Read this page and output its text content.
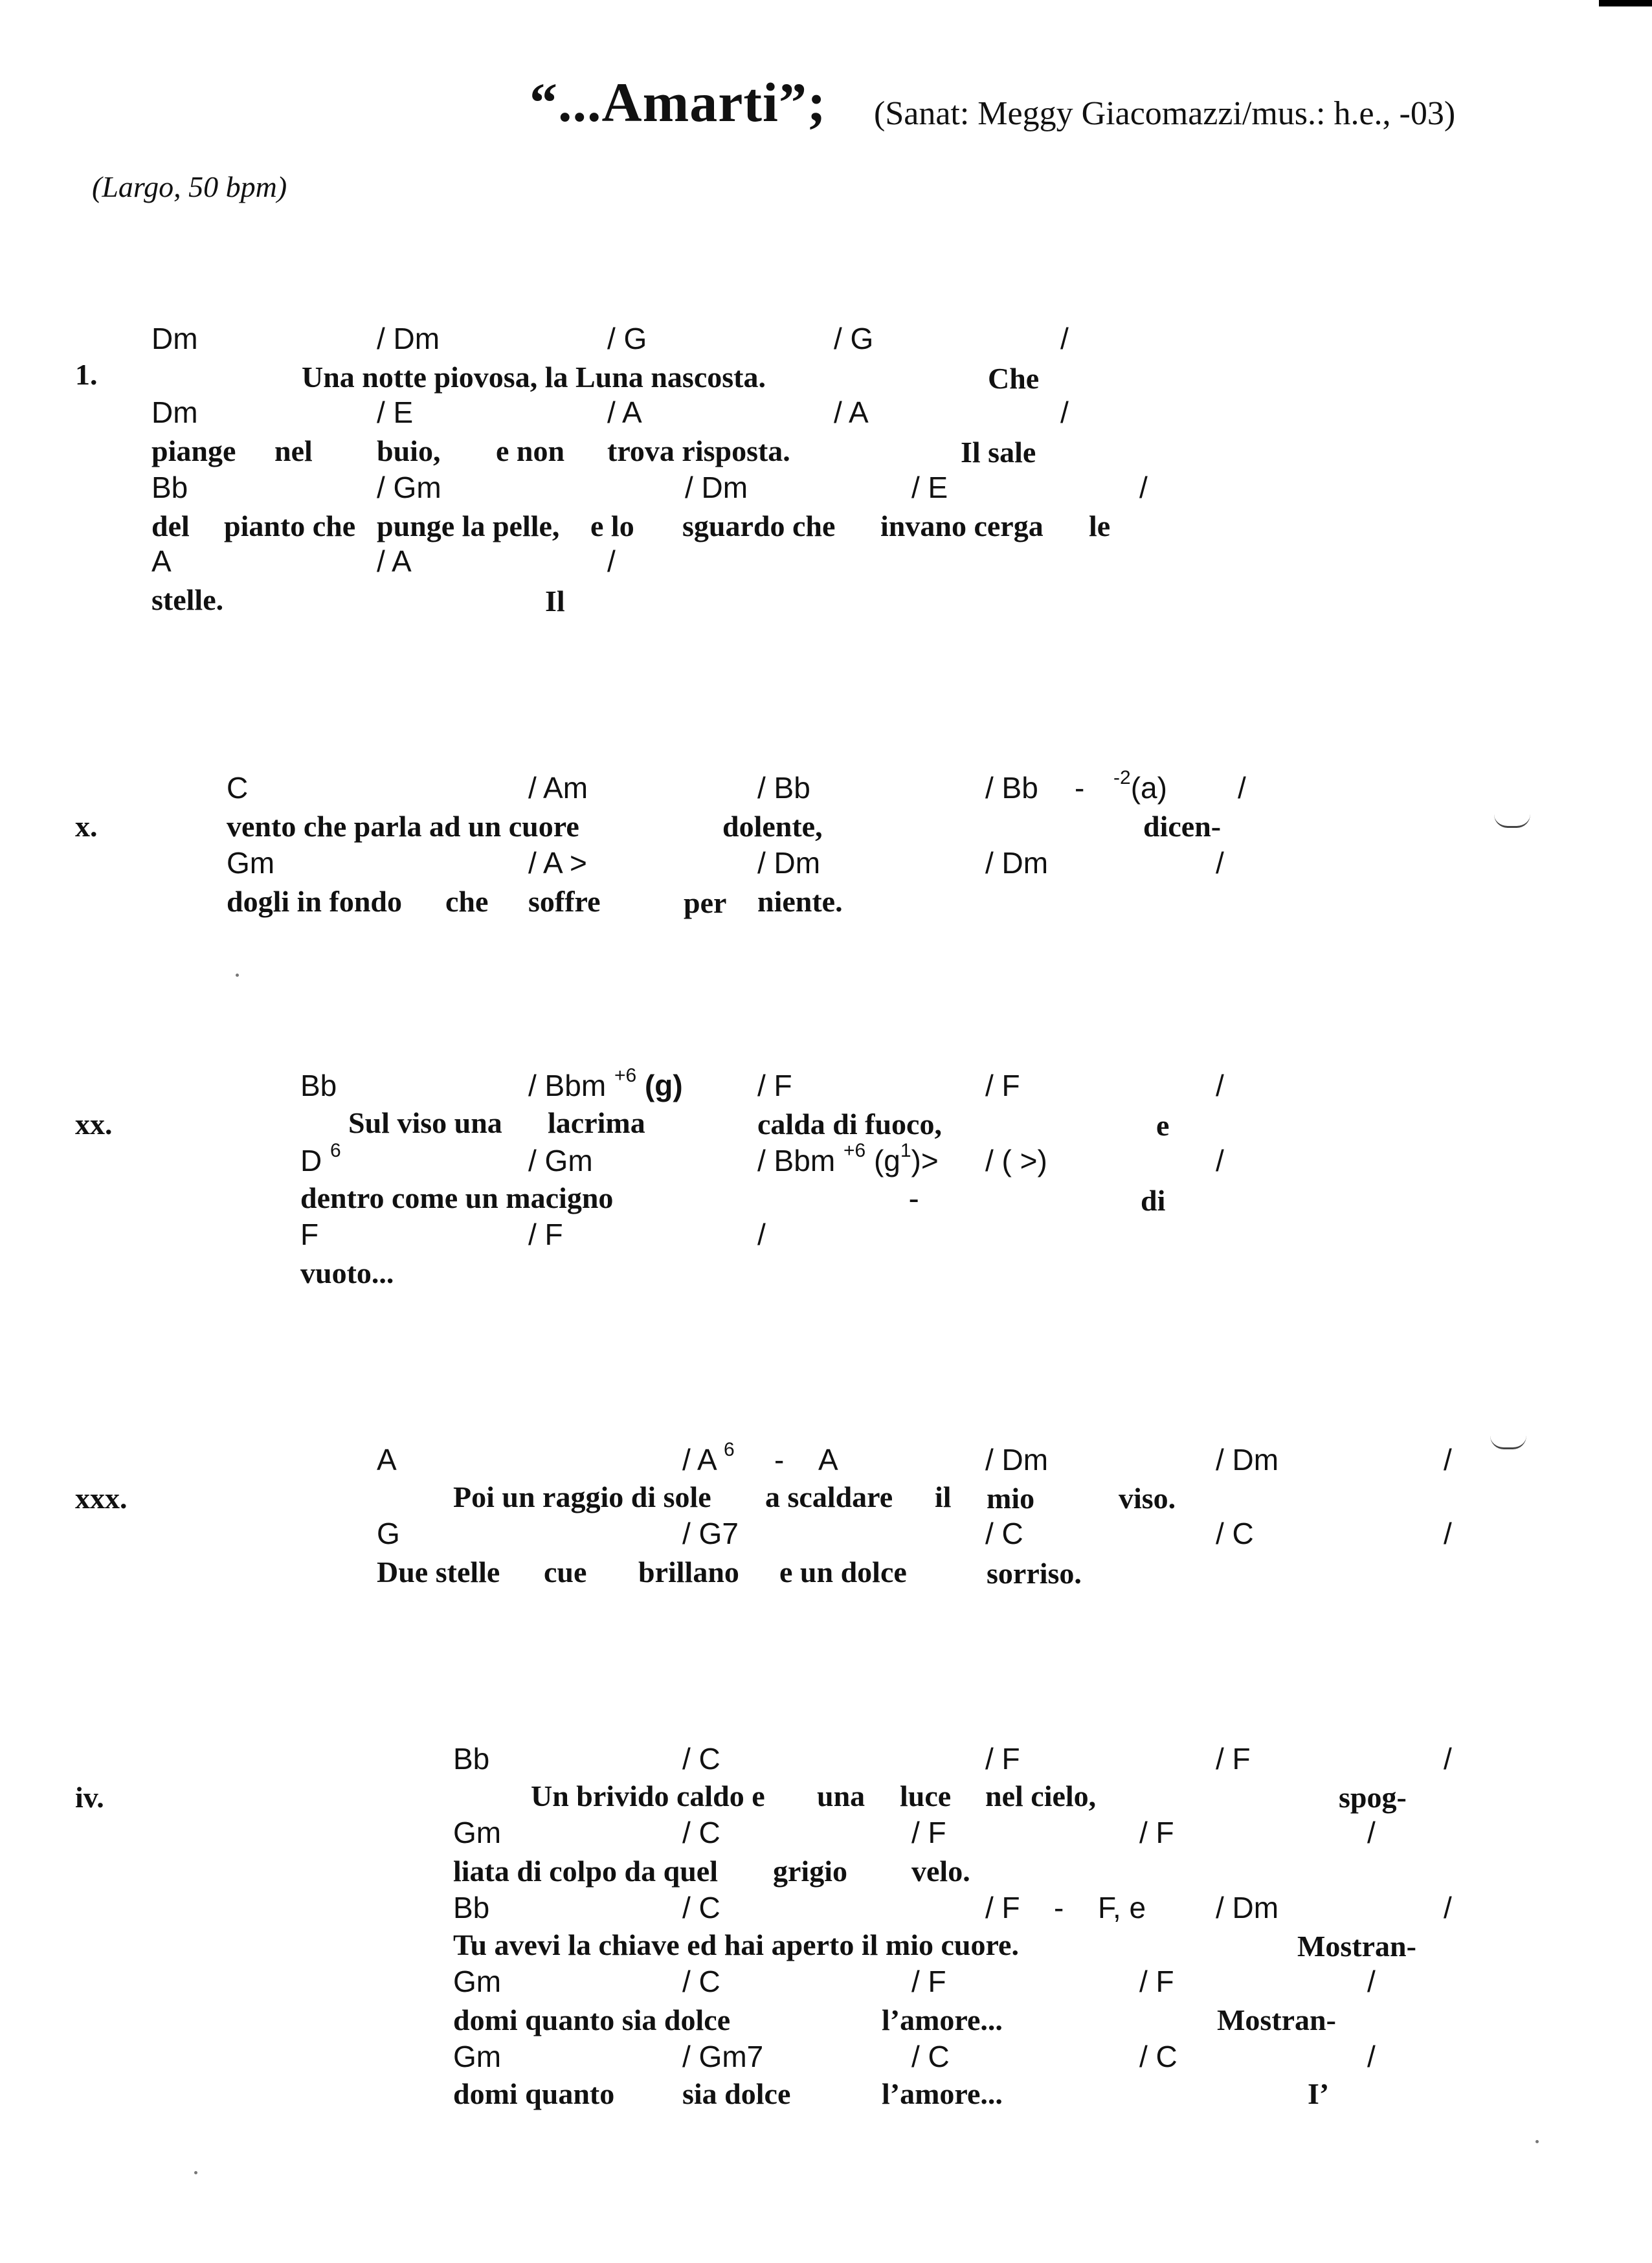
“...Amarti”; (Sanat: Meggy Giacomazzi/mus.: h.e., -03)
(Largo, 50 bpm)
1.
Dm	/ Dm	/ G	/ G	/
Una notte piovosa, la Luna nascosta.	Che
Dm	/ E	/ A	/ A	/
piange nel buio, e non trova risposta.	Il sale
Bb	/ Gm	/ Dm	/ E	/
del pianto che punge la pelle, e lo sguardo che invano cerga le
A	/ A	/
stelle.	Il
x.
C	/ Am	/ Bb	/ Bb - $^{-2}$(a) /
vento che parla ad un cuore	dolente,	dicen-
Gm	/ A >	/ Dm	/ Dm	/
dogli in fondo che soffre	per niente.
xx.
Bb	/ Bbm $^{+6}$ (g)	/ F	/ F	/
Sul viso una lacrima	calda di fuoco,	e
D $^6$	/ Gm	/ Bbm $^{+6}$ $(g^1)>$ / ( >)	/
dentro come un macigno	-	di
F	/ F	/
vuoto...
xxx.
A	/ A $^6$ - A	/ Dm	/ Dm	/
Poi un raggio di sole a scaldare il mio	viso.
G	/ G7	/ C	/ C	/
Due stelle cue brillano e un dolce	sorriso.
iv.
Bb	/ C	/ F	/ F	/
Un brivido caldo e una luce nel cielo,	spog-
Gm	/ C	/ F	/ F	/
liata di colpo da quel grigio velo.
Bb	/ C	/ F - F, e / Dm	/
Tu avevi la chiave ed hai aperto il mio cuore.	Mostran-
Gm	/ C	/ F	/ F	/
domi quanto sia dolce	l’amore...	Mostran-
Gm	/ Gm7	/ C	/ C	/
domi quanto sia dolce	l’amore...	I’
